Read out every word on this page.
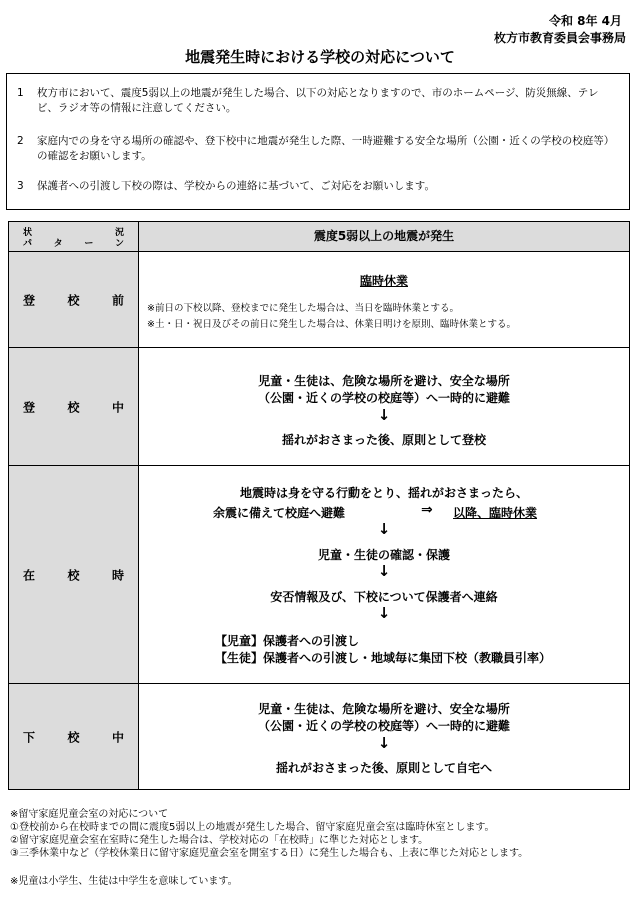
令和 8年 4月
枚方市教育委員会事務局
地震発生時における学校の対応について
1	枚方市において、震度5弱以上の地震が発生した場合、以下の対応となりますので、市のホームページ、防災無線、テレビ、ラジオ等の情報に注意してください。
2	家庭内での身を守る場所の確認や、登下校中に地震が発生した際、一時避難する安全な場所（公園・近くの学校の校庭等）の確認をお願いします。
3	保護者への引渡し下校の際は、学校からの連絡に基づいて、ご対応をお願いします。
状	況
パ タ ー ン
震度5弱以上の地震が発生
登	校	前
臨時休業
※前日の下校以降、登校までに発生した場合は、当日を臨時休業とする。
※土・日・祝日及びその前日に発生した場合は、休業日明けを原則、臨時休業とする。
登	校	中
児童・生徒は、危険な場所を避け、安全な場所
（公園・近くの学校の校庭等）へ一時的に避難
↓
揺れがおさまった後、原則として登校
在	校	時
地震時は身を守る行動をとり、揺れがおさまったら、
余震に備えて校庭へ避難	⇒ 以降、臨時休業
↓
児童・生徒の確認・保護
↓
安否情報及び、下校について保護者へ連絡
↓
【児童】保護者への引渡し
【生徒】保護者への引渡し・地域毎に集団下校（教職員引率）
下	校	中
児童・生徒は、危険な場所を避け、安全な場所
（公園・近くの学校の校庭等）へ一時的に避難
↓
揺れがおさまった後、原則として自宅へ
※留守家庭児童会室の対応について
①登校前から在校時までの間に震度5弱以上の地震が発生した場合、留守家庭児童会室は臨時休室とします。
②留守家庭児童会室在室時に発生した場合は、学校対応の「在校時」に準じた対応とします。
③三季休業中など（学校休業日に留守家庭児童会室を開室する日）に発生した場合も、上表に準じた対応とします。
※児童は小学生、生徒は中学生を意味しています。
